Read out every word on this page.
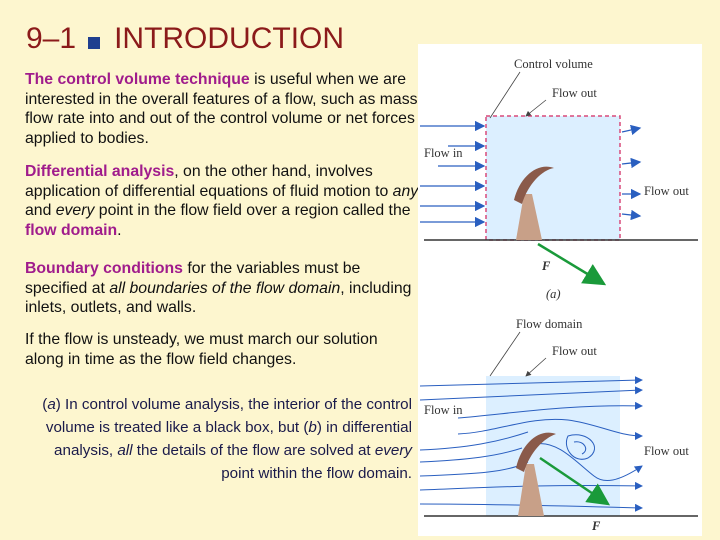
9–1 INTRODUCTION
The control volume technique is useful when we are interested in the overall features of a flow, such as mass flow rate into and out of the control volume or net forces applied to bodies.
Differential analysis, on the other hand, involves application of differential equations of fluid motion to any and every point in the flow field over a region called the flow domain.
Boundary conditions for the variables must be specified at all boundaries of the flow domain, including inlets, outlets, and walls.
If the flow is unsteady, we must march our solution along in time as the flow field changes.
(a) In control volume analysis, the interior of the control volume is treated like a black box, but (b) in differential analysis, all the details of the flow are solved at every point within the flow domain.
Control volume
Flow out
Flow in
Flow out
F
(a)
Flow domain
Flow out
Flow in
Flow out
F
